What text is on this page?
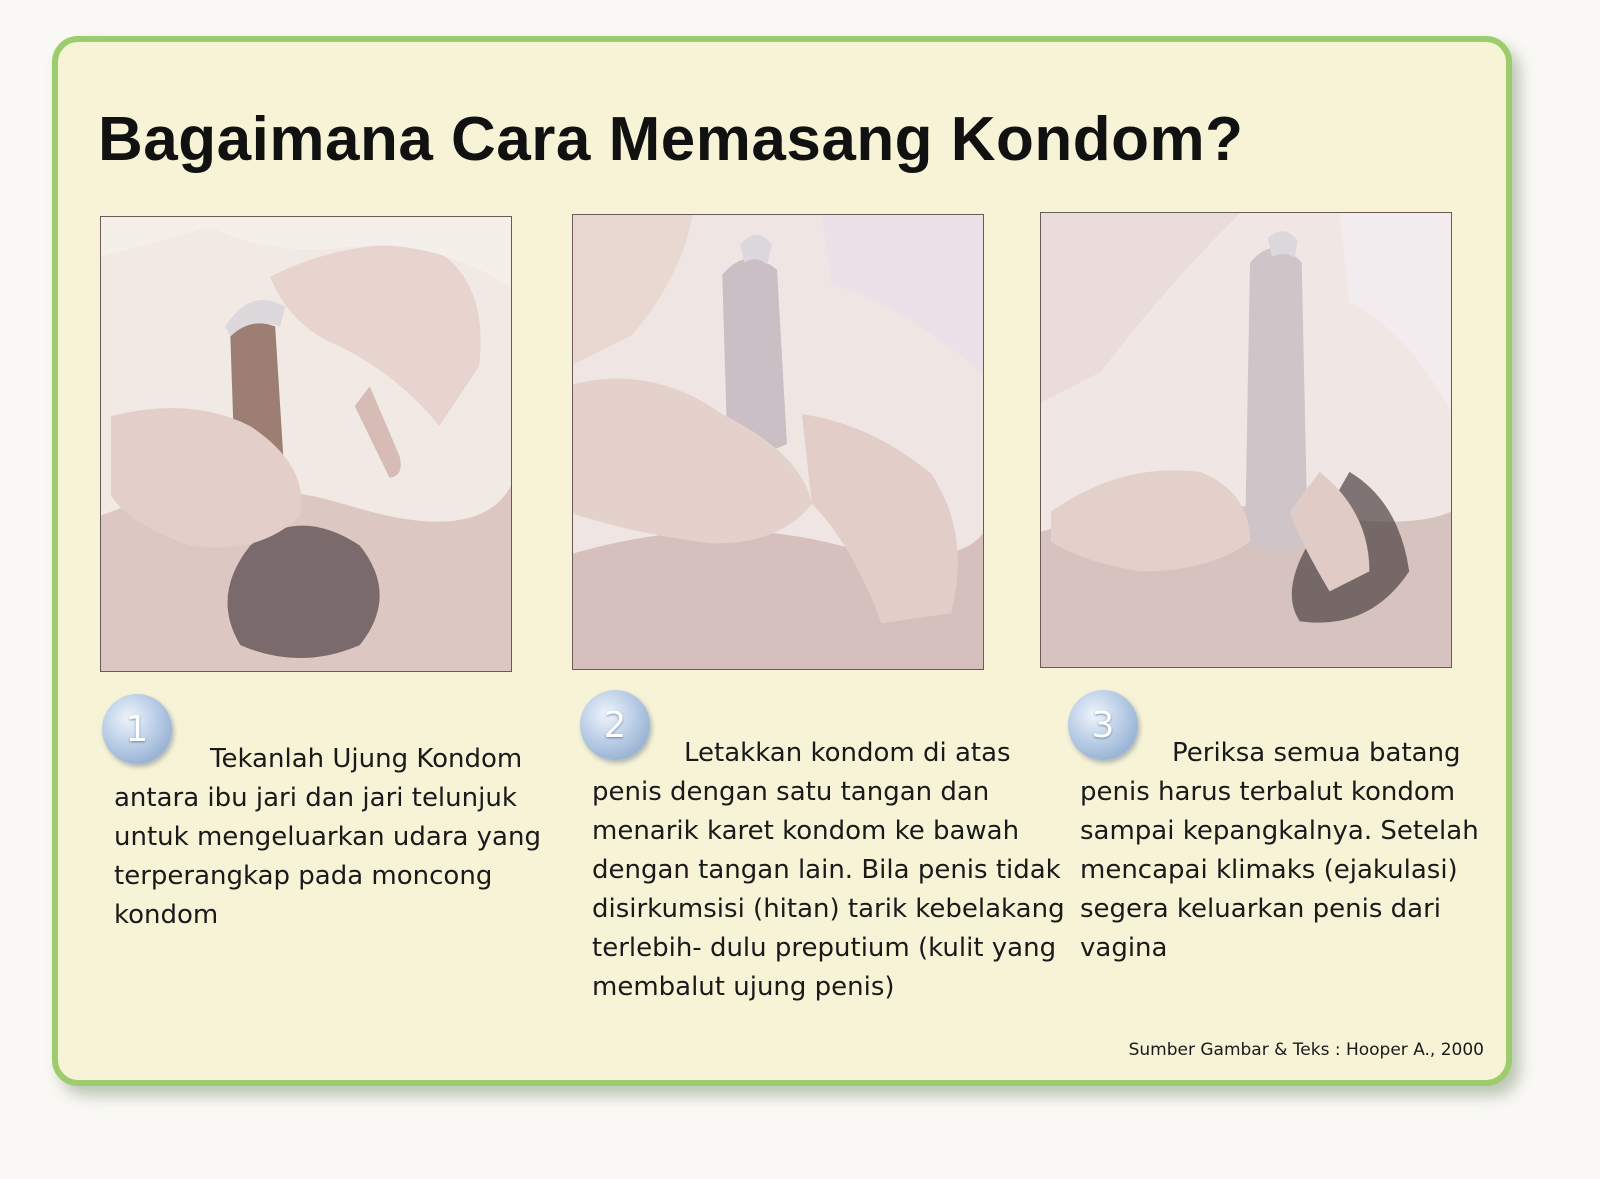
Bagaimana Cara Memasang Kondom?
1

Tekanlah Ujung Kondom antara ibu jari dan jari telunjuk untuk mengeluarkan udara yang terperangkap pada moncong kondom

2

Letakkan kondom di atas penis dengan satu tangan dan menarik karet kondom ke bawah dengan tangan lain. Bila penis tidak disirkumsisi (hitan) tarik kebelakang terlebih- dulu preputium (kulit yang membalut ujung penis)

3

Periksa semua batang penis harus terbalut kondom sampai kepangkalnya. Setelah mencapai klimaks (ejakulasi) segera keluarkan penis dari vagina

Sumber Gambar & Teks : Hooper A., 2000
